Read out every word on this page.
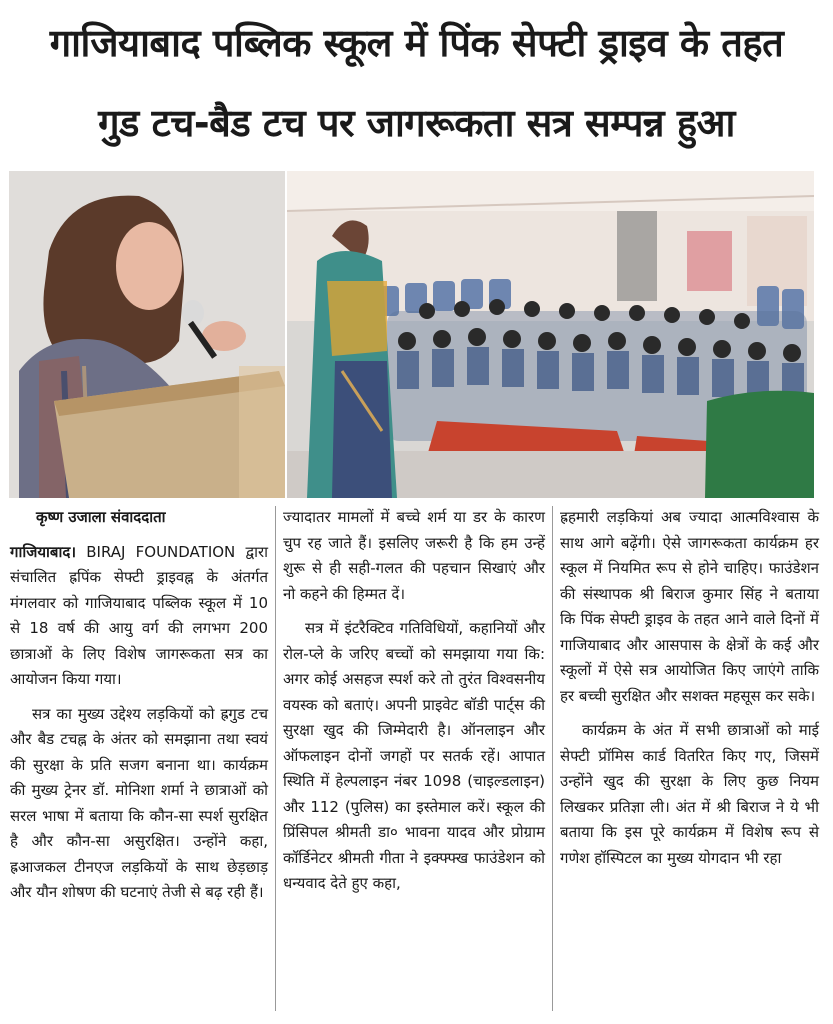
गाजियाबाद पब्लिक स्कूल में पिंक सेफ्टी ड्राइव के तहत
गुड टच-बैड टच पर जागरूकता सत्र सम्पन्न हुआ

कृष्ण उजाला संवाददाता

गाजियाबाद। BIRAJ FOUNDATION द्वारा संचालित ह्रपिंक सेफ्टी ड्राइवह्न के अंतर्गत मंगलवार को गाजियाबाद पब्लिक स्कूल में 10 से 18 वर्ष की आयु वर्ग की लगभग 200 छात्राओं के लिए विशेष जागरूकता सत्र का आयोजन किया गया।

सत्र का मुख्य उद्देश्य लड़कियों को ह्रगुड टच और बैड टचह्न के अंतर को समझाना तथा स्वयं की सुरक्षा के प्रति सजग बनाना था। कार्यक्रम की मुख्य ट्रेनर डॉ. मोनिशा शर्मा ने छात्राओं को सरल भाषा में बताया कि कौन-सा स्पर्श सुरक्षित है और कौन-सा असुरक्षित। उन्होंने कहा, ह्रआजकल टीनएज लड़कियों के साथ छेड़छाड़ और यौन शोषण की घटनाएं तेजी से बढ़ रही हैं।

ज्यादातर मामलों में बच्चे शर्म या डर के कारण चुप रह जाते हैं। इसलिए जरूरी है कि हम उन्हें शुरू से ही सही-गलत की पहचान सिखाएं और नो कहने की हिम्मत दें।

सत्र में इंटरैक्टिव गतिविधियों, कहानियों और रोल-प्ले के जरिए बच्चों को समझाया गया कि: अगर कोई असहज स्पर्श करे तो तुरंत विश्वसनीय वयस्क को बताएं। अपनी प्राइवेट बॉडी पार्ट्स की सुरक्षा खुद की जिम्मेदारी है। ऑनलाइन और ऑफलाइन दोनों जगहों पर सतर्क रहें। आपात स्थिति में हेल्पलाइन नंबर 1098 (चाइल्डलाइन) और 112 (पुलिस) का इस्तेमाल करें। स्कूल की प्रिंसिपल श्रीमती डा० भावना यादव और प्रोग्राम कॉर्डिनेटर श्रीमती गीता ने इक्फ्फ्ख फाउंडेशन को धन्यवाद देते हुए कहा,

ह्रहमारी लड़कियां अब ज्यादा आत्मविश्वास के साथ आगे बढ़ेंगी। ऐसे जागरूकता कार्यक्रम हर स्कूल में नियमित रूप से होने चाहिए। फाउंडेशन की संस्थापक श्री बिराज कुमार सिंह ने बताया कि पिंक सेफ्टी ड्राइव के तहत आने वाले दिनों में गाजियाबाद और आसपास के क्षेत्रों के कई और स्कूलों में ऐसे सत्र आयोजित किए जाएंगे ताकि हर बच्ची सुरक्षित और सशक्त महसूस कर सके।

कार्यक्रम के अंत में सभी छात्राओं को माई सेफ्टी प्रॉमिस कार्ड वितरित किए गए, जिसमें उन्होंने खुद की सुरक्षा के लिए कुछ नियम लिखकर प्रतिज्ञा ली। अंत में श्री बिराज ने ये भी बताया कि इस पूरे कार्यक्रम में विशेष रूप से गणेश हॉस्पिटल का मुख्य योगदान भी रहा
